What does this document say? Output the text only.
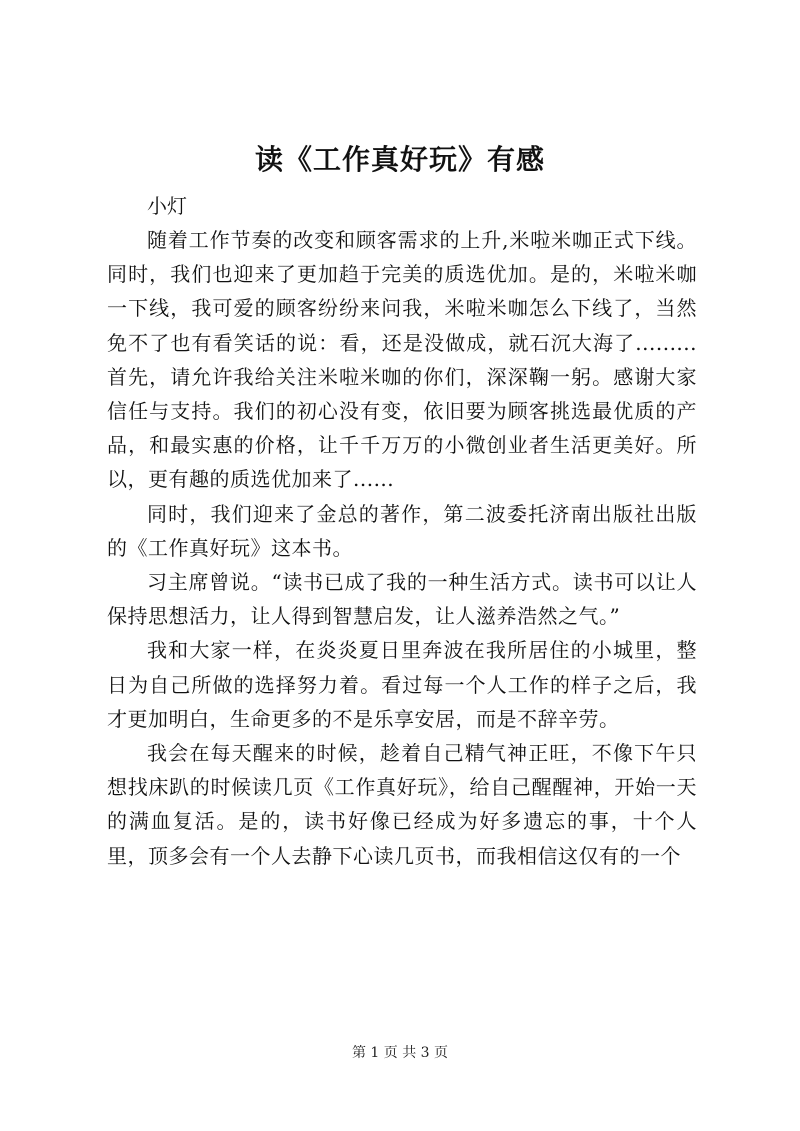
读《工作真好玩》有感
小灯

随着工作节奏的改变和顾客需求的上升,米啦米咖正式下线。同时，我们也迎来了更加趋于完美的质选优加。是的，米啦米咖一下线，我可爱的顾客纷纷来问我，米啦米咖怎么下线了，当然免不了也有看笑话的说：看，还是没做成，就石沉大海了.........首先，请允许我给关注米啦米咖的你们，深深鞠一躬。感谢大家信任与支持。我们的初心没有变，依旧要为顾客挑选最优质的产品，和最实惠的价格，让千千万万的小微创业者生活更美好。所以，更有趣的质选优加来了......

同时，我们迎来了金总的著作，第二波委托济南出版社出版的《工作真好玩》这本书。

习主席曾说。“读书已成了我的一种生活方式。读书可以让人保持思想活力，让人得到智慧启发，让人滋养浩然之气。”

我和大家一样，在炎炎夏日里奔波在我所居住的小城里，整日为自己所做的选择努力着。看过每一个人工作的样子之后，我才更加明白，生命更多的不是乐享安居，而是不辞辛劳。

我会在每天醒来的时候，趁着自己精气神正旺，不像下午只想找床趴的时候读几页《工作真好玩》，给自己醒醒神，开始一天的满血复活。是的，读书好像已经成为好多遗忘的事，十个人里，顶多会有一个人去静下心读几页书，而我相信这仅有的一个

第 1 页 共 3 页
